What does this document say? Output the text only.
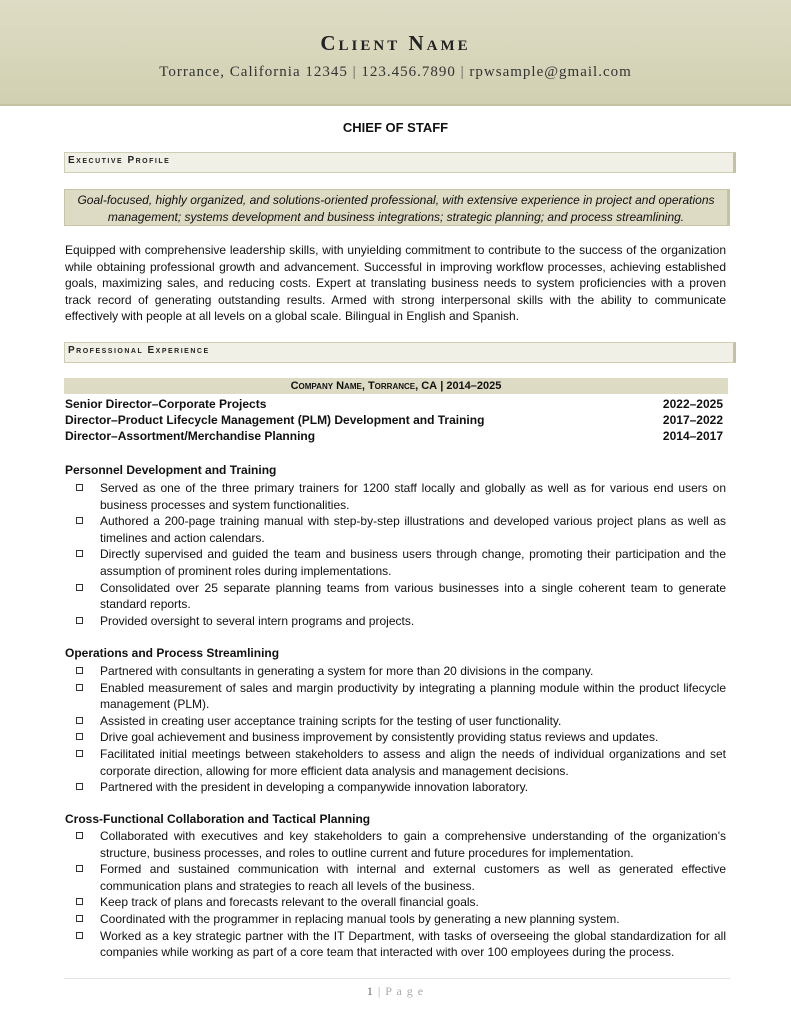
Client Name
Torrance, California 12345 | 123.456.7890 | rpwsample@gmail.com
CHIEF OF STAFF
Executive Profile
Goal-focused, highly organized, and solutions-oriented professional, with extensive experience in project and operations management; systems development and business integrations; strategic planning; and process streamlining.

Equipped with comprehensive leadership skills, with unyielding commitment to contribute to the success of the organization while obtaining professional growth and advancement. Successful in improving workflow processes, achieving established goals, maximizing sales, and reducing costs. Expert at translating business needs to system proficiencies with a proven track record of generating outstanding results. Armed with strong interpersonal skills with the ability to communicate effectively with people at all levels on a global scale. Bilingual in English and Spanish.

Professional Experience
Company Name, Torrance, CA | 2014–2025
Senior Director–Corporate Projects	2022–2025
Director–Product Lifecycle Management (PLM) Development and Training	2017–2022
Director–Assortment/Merchandise Planning	2014–2017
Personnel Development and Training
Served as one of the three primary trainers for 1200 staff locally and globally as well as for various end users on business processes and system functionalities.
Authored a 200-page training manual with step-by-step illustrations and developed various project plans as well as timelines and action calendars.
Directly supervised and guided the team and business users through change, promoting their participation and the assumption of prominent roles during implementations.
Consolidated over 25 separate planning teams from various businesses into a single coherent team to generate standard reports.
Provided oversight to several intern programs and projects.
Operations and Process Streamlining
Partnered with consultants in generating a system for more than 20 divisions in the company.
Enabled measurement of sales and margin productivity by integrating a planning module within the product lifecycle management (PLM).
Assisted in creating user acceptance training scripts for the testing of user functionality.
Drive goal achievement and business improvement by consistently providing status reviews and updates.
Facilitated initial meetings between stakeholders to assess and align the needs of individual organizations and set corporate direction, allowing for more efficient data analysis and management decisions.
Partnered with the president in developing a companywide innovation laboratory.
Cross-Functional Collaboration and Tactical Planning
Collaborated with executives and key stakeholders to gain a comprehensive understanding of the organization's structure, business processes, and roles to outline current and future procedures for implementation.
Formed and sustained communication with internal and external customers as well as generated effective communication plans and strategies to reach all levels of the business.
Keep track of plans and forecasts relevant to the overall financial goals.
Coordinated with the programmer in replacing manual tools by generating a new planning system.
Worked as a key strategic partner with the IT Department, with tasks of overseeing the global standardization for all companies while working as part of a core team that interacted with over 100 employees during the process.
1 | P a g e
